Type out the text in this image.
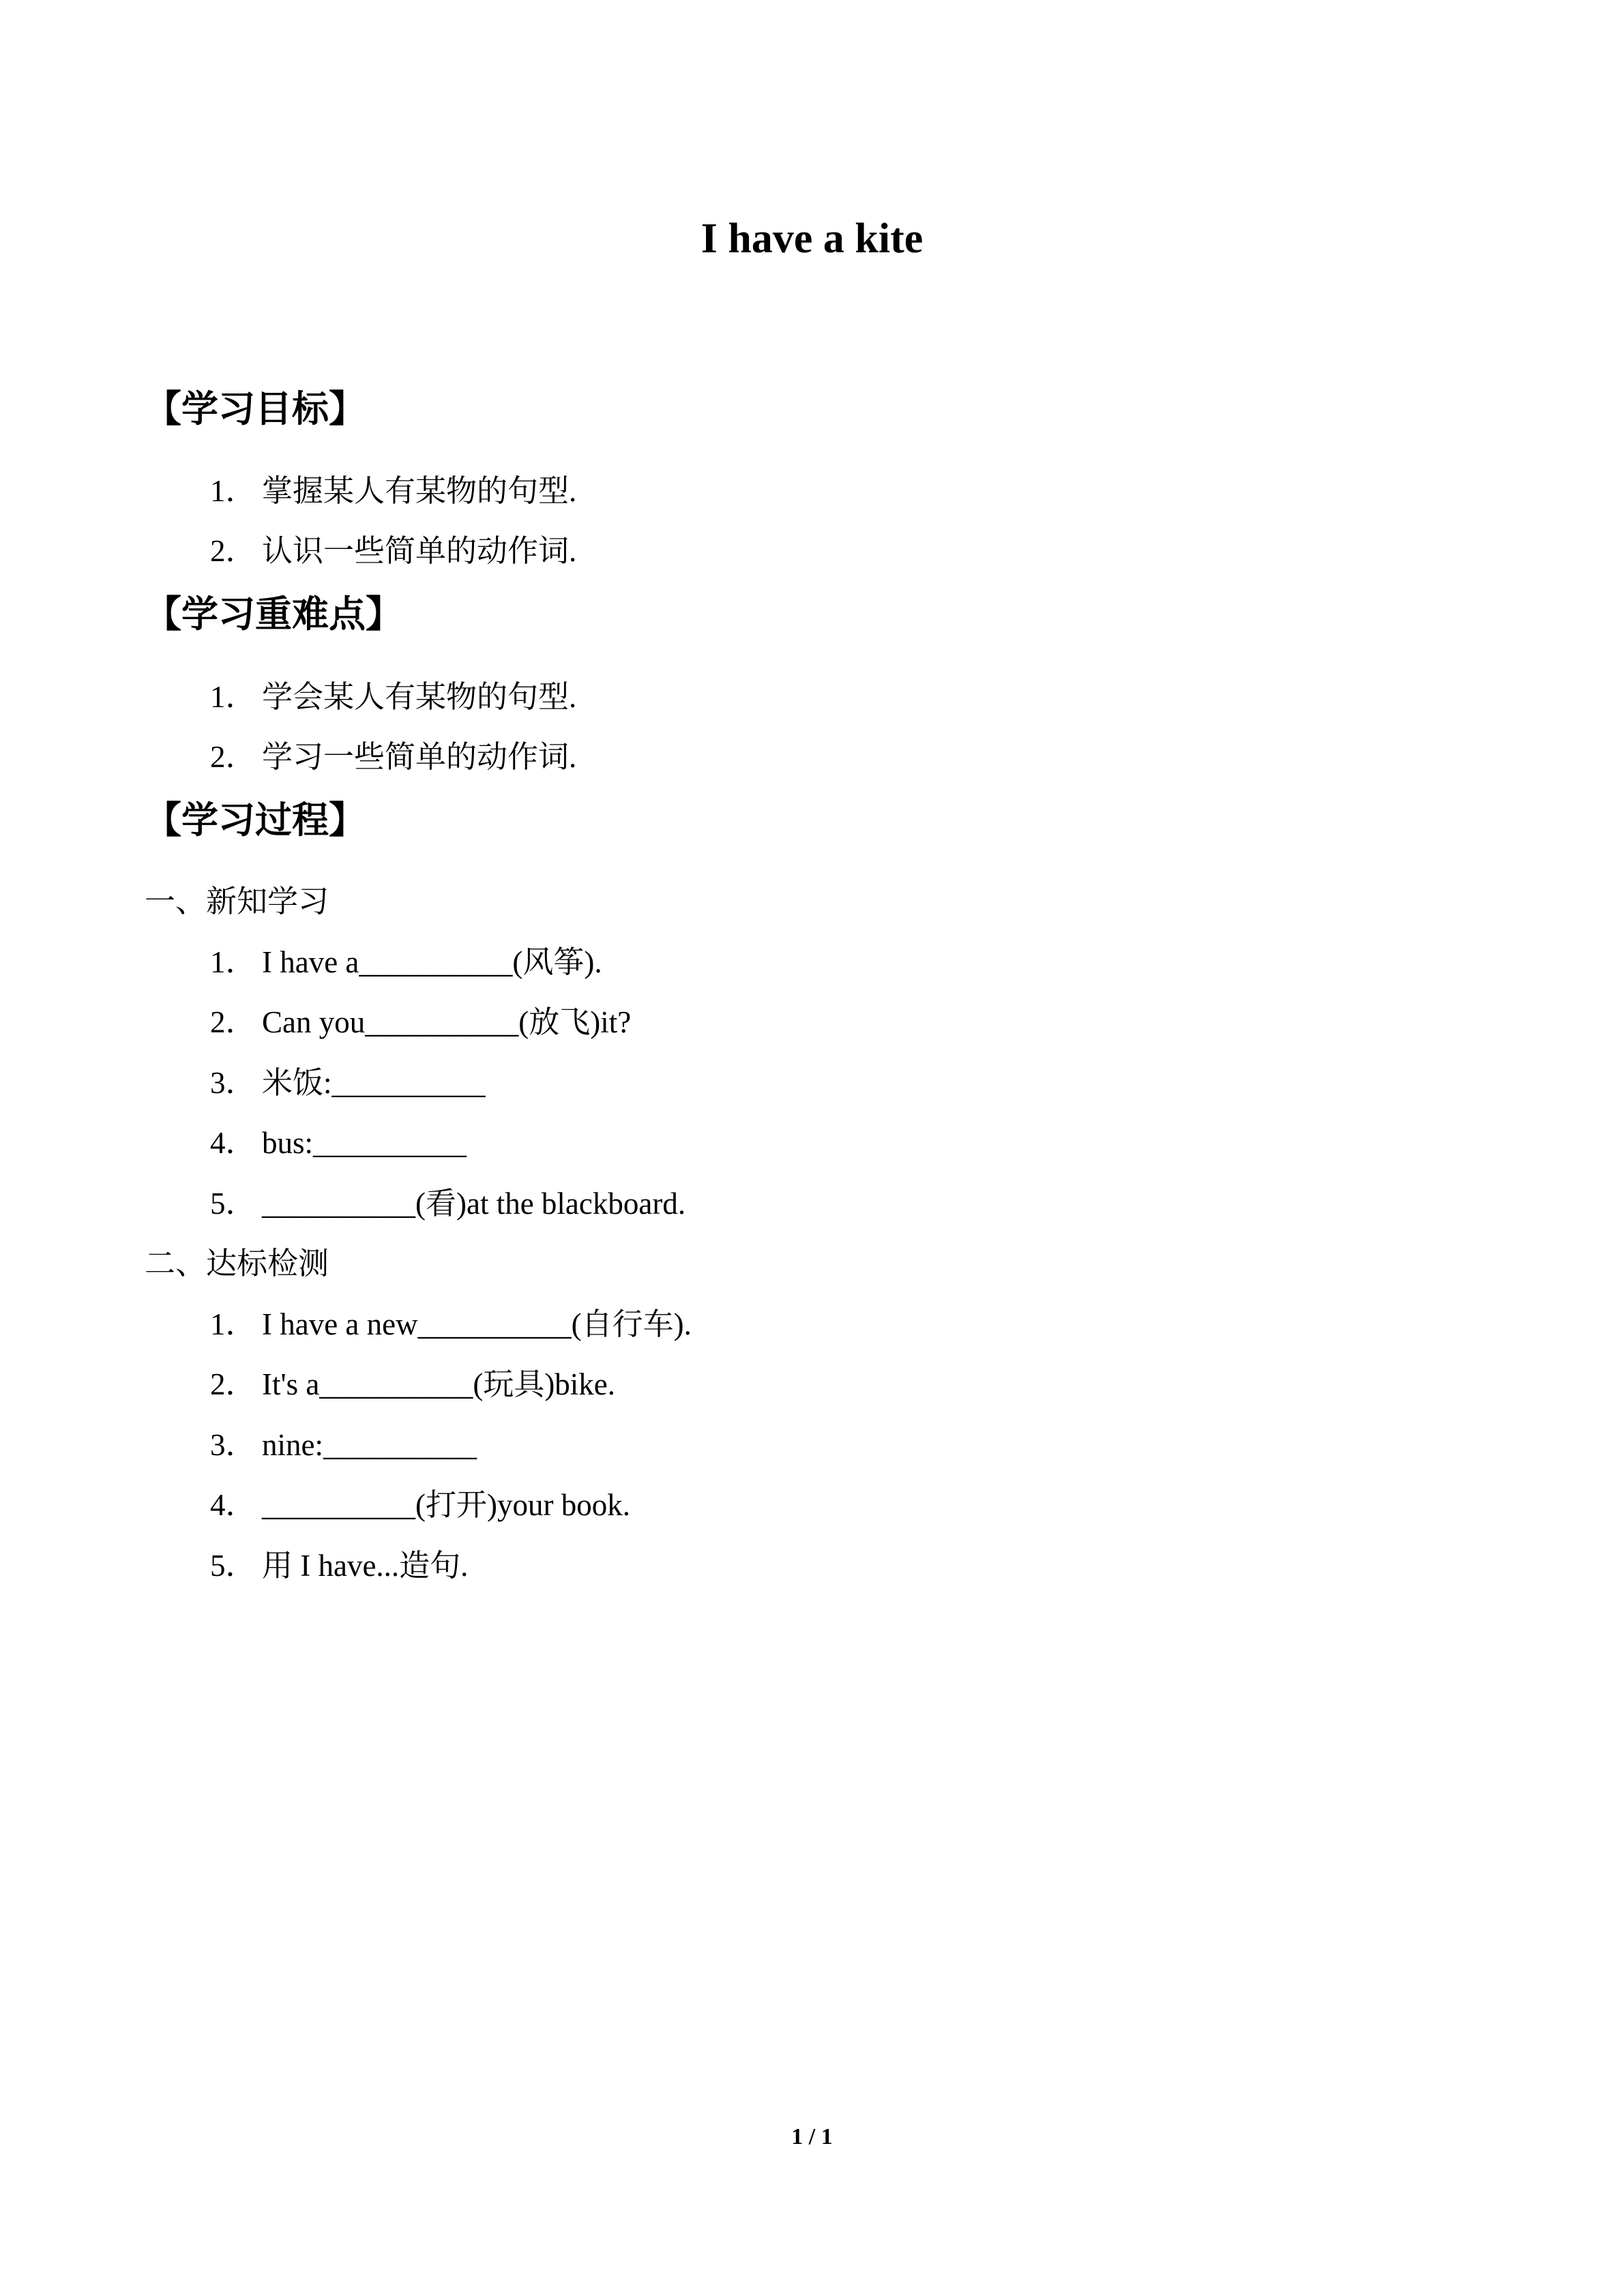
I have a kite
【学习目标】
1． 掌握某人有某物的句型.
2． 认识一些简单的动作词.
【学习重难点】
1． 学会某人有某物的句型.
2． 学习一些简单的动作词.
【学习过程】
一、新知学习
1． I have a__________(风筝).
2． Can you__________(放飞)it?
3． 米饭:__________
4． bus:__________
5． __________(看)at the blackboard.
二、达标检测
1． I have a new__________(自行车).
2． It's a__________(玩具)bike.
3． nine:__________
4． __________(打开)your book.
5． 用 I have...造句.
1 / 1
